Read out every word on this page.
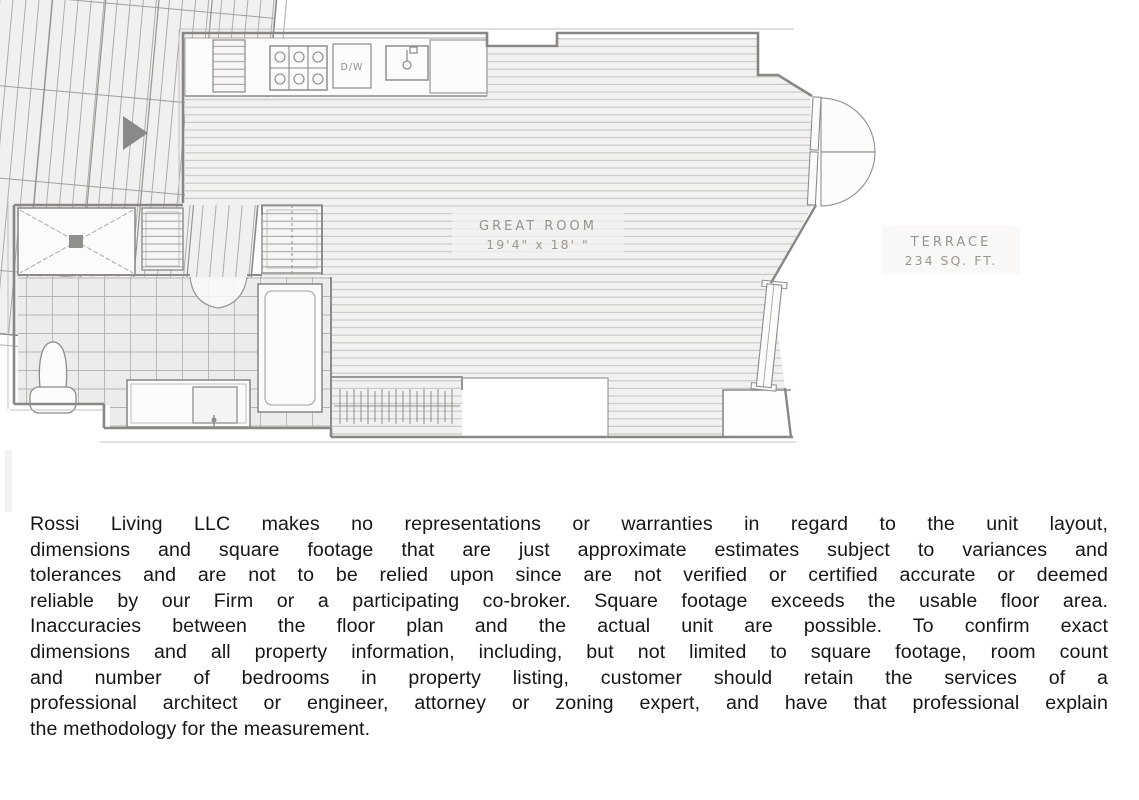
D/W
GREAT ROOM
19'4" x 18' "	TERRACE
234 SQ. FT.
Rossi Living LLC makes no representations or warranties in regard to the unit layout,
dimensions and square footage that are just approximate estimates subject to variances and
tolerances and are not to be relied upon since are not verified or certified accurate or deemed
reliable by our Firm or a participating co-broker. Square footage exceeds the usable floor area.
Inaccuracies between the floor plan and the actual unit are possible. To confirm exact
dimensions and all property information, including, but not limited to square footage, room count
and number of bedrooms in property listing, customer should retain the services of a
professional architect or engineer, attorney or zoning expert, and have that professional explain
the methodology for the measurement.
